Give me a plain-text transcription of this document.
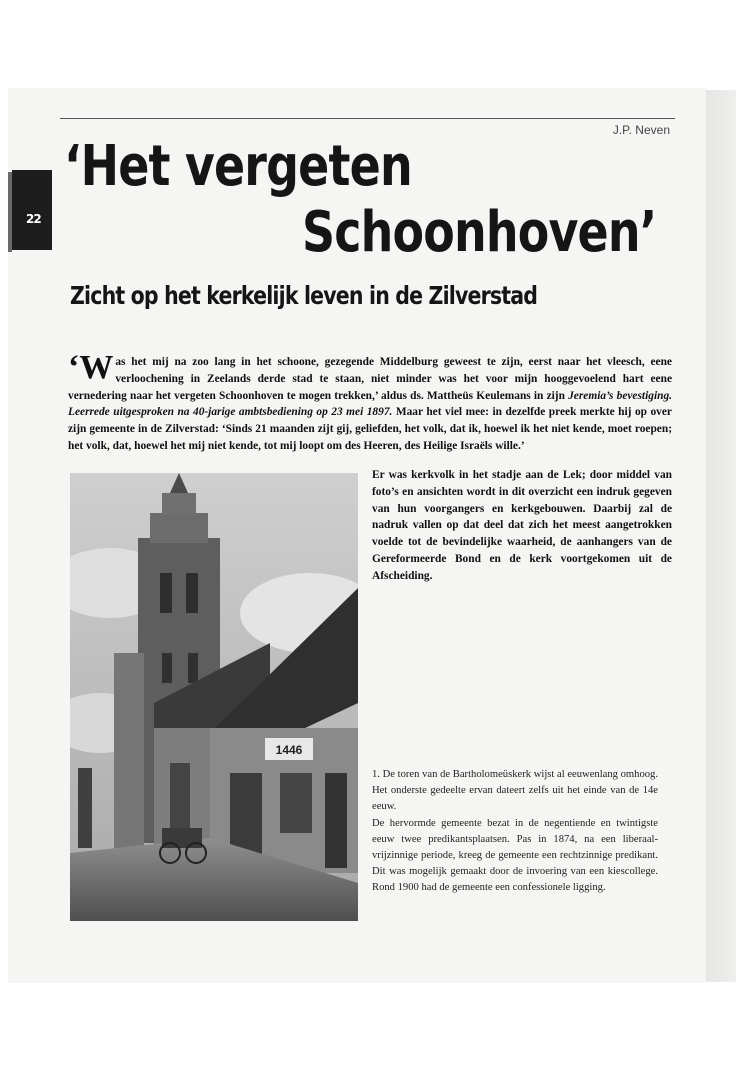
22
J.P. Neven
‘Het vergeten
Schoonhoven’
Zicht op het kerkelijk leven in de Zilverstad
‘Was het mij na zoo lang in het schoone, gezegende Middelburg geweest te zijn, eerst naar het vleesch, eene verloochening in Zeelands derde stad te staan, niet minder was het voor mijn hooggevoelend hart eene vernedering naar het vergeten Schoonhoven te mogen trekken,’ aldus ds. Mattheüs Keulemans in zijn Jeremia’s bevestiging. Leerrede uitgesproken na 40-jarige ambtsbediening op 23 mei 1897. Maar het viel mee: in dezelfde preek merkte hij op over zijn gemeente in de Zilverstad: ‘Sinds 21 maanden zijt gij, geliefden, het volk, dat ik, hoewel ik het niet kende, moet roepen; het volk, dat, hoewel het mij niet kende, tot mij loopt om des Heeren, des Heilige Israëls wille.’
Er was kerkvolk in het stadje aan de Lek; door middel van foto’s en ansichten wordt in dit overzicht een indruk gegeven van hun voorgangers en kerkgebouwen. Daarbij zal de nadruk vallen op dat deel dat zich het meest aangetrokken voelde tot de bevindelijke waarheid, de aanhangers van de Gereformeerde Bond en de kerk voortgekomen uit de Afscheiding.
1446

1. De toren van de Bartholomeüskerk wijst al eeuwenlang omhoog. Het onderste gedeelte ervan dateert zelfs uit het einde van de 14e eeuw.

De hervormde gemeente bezat in de negentiende en twintigste eeuw twee predikantsplaatsen. Pas in 1874, na een liberaal-vrijzinnige periode, kreeg de gemeente een rechtzinnige predikant. Dit was mogelijk gemaakt door de invoering van een kiescollege. Rond 1900 had de gemeente een confessionele ligging.
